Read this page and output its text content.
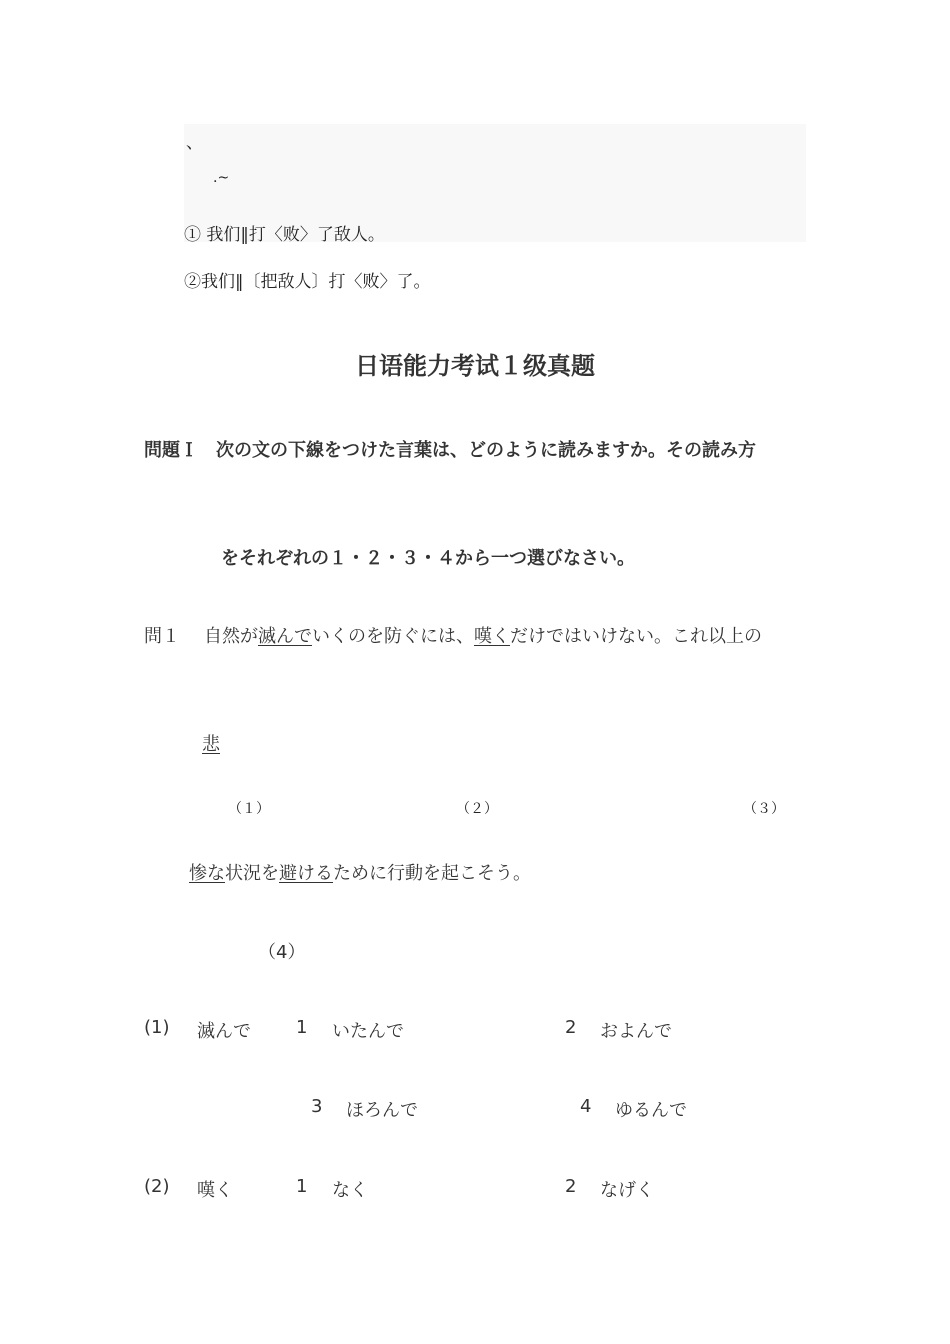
、
.~
① 我们‖打〈败〉了敌人。
②我们‖〔把敌人〕打〈败〉了。
日语能力考试１级真题
問題Ｉ　次の文の下線をつけた言葉は、どのように読みますか。その読み方
をそれぞれの１・２・３・４から一つ選びなさい。
問１ 自然が滅んでいくのを防ぐには、嘆くだけではいけない。これ以上の
悲
（１）	（２）	（３）
惨な状況を避けるために行動を起こそう。
（4）
(1) 滅んで	1 いたんで	2 およんで
3 ほろんで	4 ゆるんで
(2) 嘆く	1 なく	2 なげく
